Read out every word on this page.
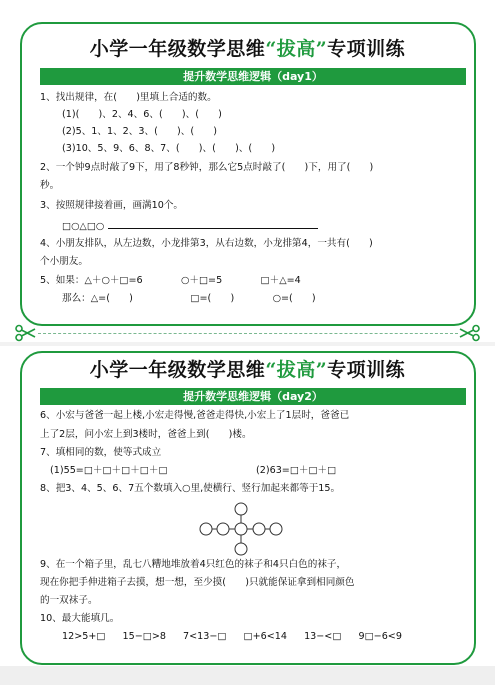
小学一年级数学思维“拔高”专项训练
提升数学思维逻辑（day1）
1、找出规律，在(　　)里填上合适的数。
(1)(　　)、2、4、6、(　　)、(　　)
(2)5、1、1、2、3、(　　)、(　　)
(3)10、5、9、6、8、7、(　　)、(　　)、(　　)
2、一个钟9点时敲了9下，用了8秒钟，那么它5点时敲了(　　)下，用了(　　)
秒。
3、按照规律接着画，画满10个。
□○△□○
4、小朋友排队，从左边数，小龙排第3，从右边数，小龙排第4，一共有(　　)
个小朋友。
5、如果：△＋○＋□=6　　　　○＋□=5　　　　□＋△=4
那么：△=(　　)　　　　　　□=(　　)　　　　○=(　　)
小学一年级数学思维“拔高”专项训练
提升数学思维逻辑（day2）
6、小宏与爸爸一起上楼,小宏走得慢,爸爸走得快,小宏上了1层时，爸爸已
上了2层，问小宏上到3楼时，爸爸上到(　　)楼。
7、填相同的数，使等式成立
(1)55=□＋□＋□＋□＋□	(2)63=□＋□＋□
8、把3、4、5、6、7五个数填入○里,使横行、竖行加起来都等于15。
9、在一个箱子里，乱七八糟地堆放着4只红色的袜子和4只白色的袜子，
现在你把手伸进箱子去摸，想一想，至少摸(　　)只就能保证拿到相同颜色
的一双袜子。
10、最大能填几。
12>5+□ 15−□>8 7<13−□ □+6<14 13−<□ 9□−6<9
